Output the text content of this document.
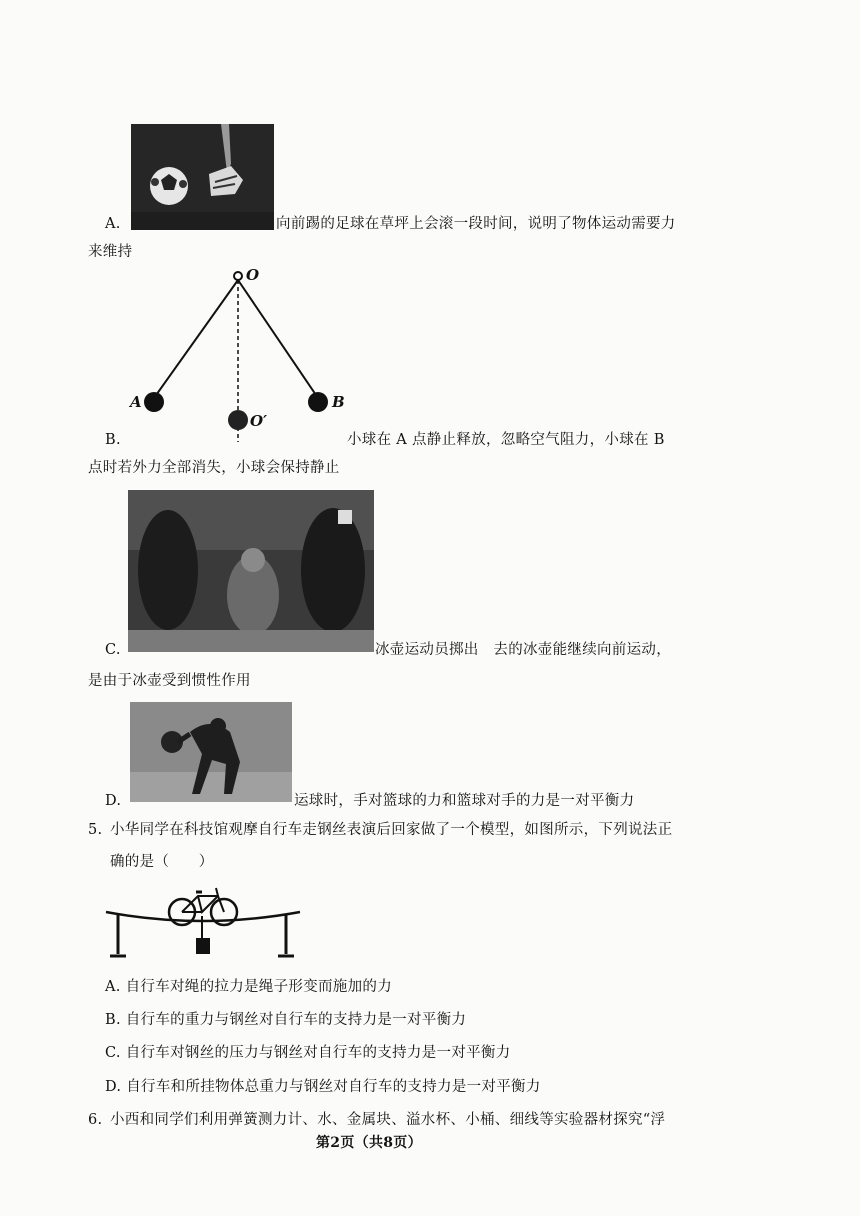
A.	向前踢的足球在草坪上会滚一段时间，说明了物体运动需要力
来维持
O
A	B
O′
B.	小球在 A 点静止释放，忽略空气阻力，小球在 B
点时若外力全部消失，小球会保持静止
C.	冰壶运动员掷出　去的冰壶能继续向前运动，
是由于冰壶受到惯性作用
D.	运球时，手对篮球的力和篮球对手的力是一对平衡力
5. 小华同学在科技馆观摩自行车走钢丝表演后回家做了一个模型，如图所示，下列说法正
确的是（　　）
A. 自行车对绳的拉力是绳子形变而施加的力
B. 自行车的重力与钢丝对自行车的支持力是一对平衡力
C. 自行车对钢丝的压力与钢丝对自行车的支持力是一对平衡力
D. 自行车和所挂物体总重力与钢丝对自行车的支持力是一对平衡力
6. 小西和同学们利用弹簧测力计、水、金属块、溢水杯、小桶、细线等实验器材探究“浮
第2页（共8页）
